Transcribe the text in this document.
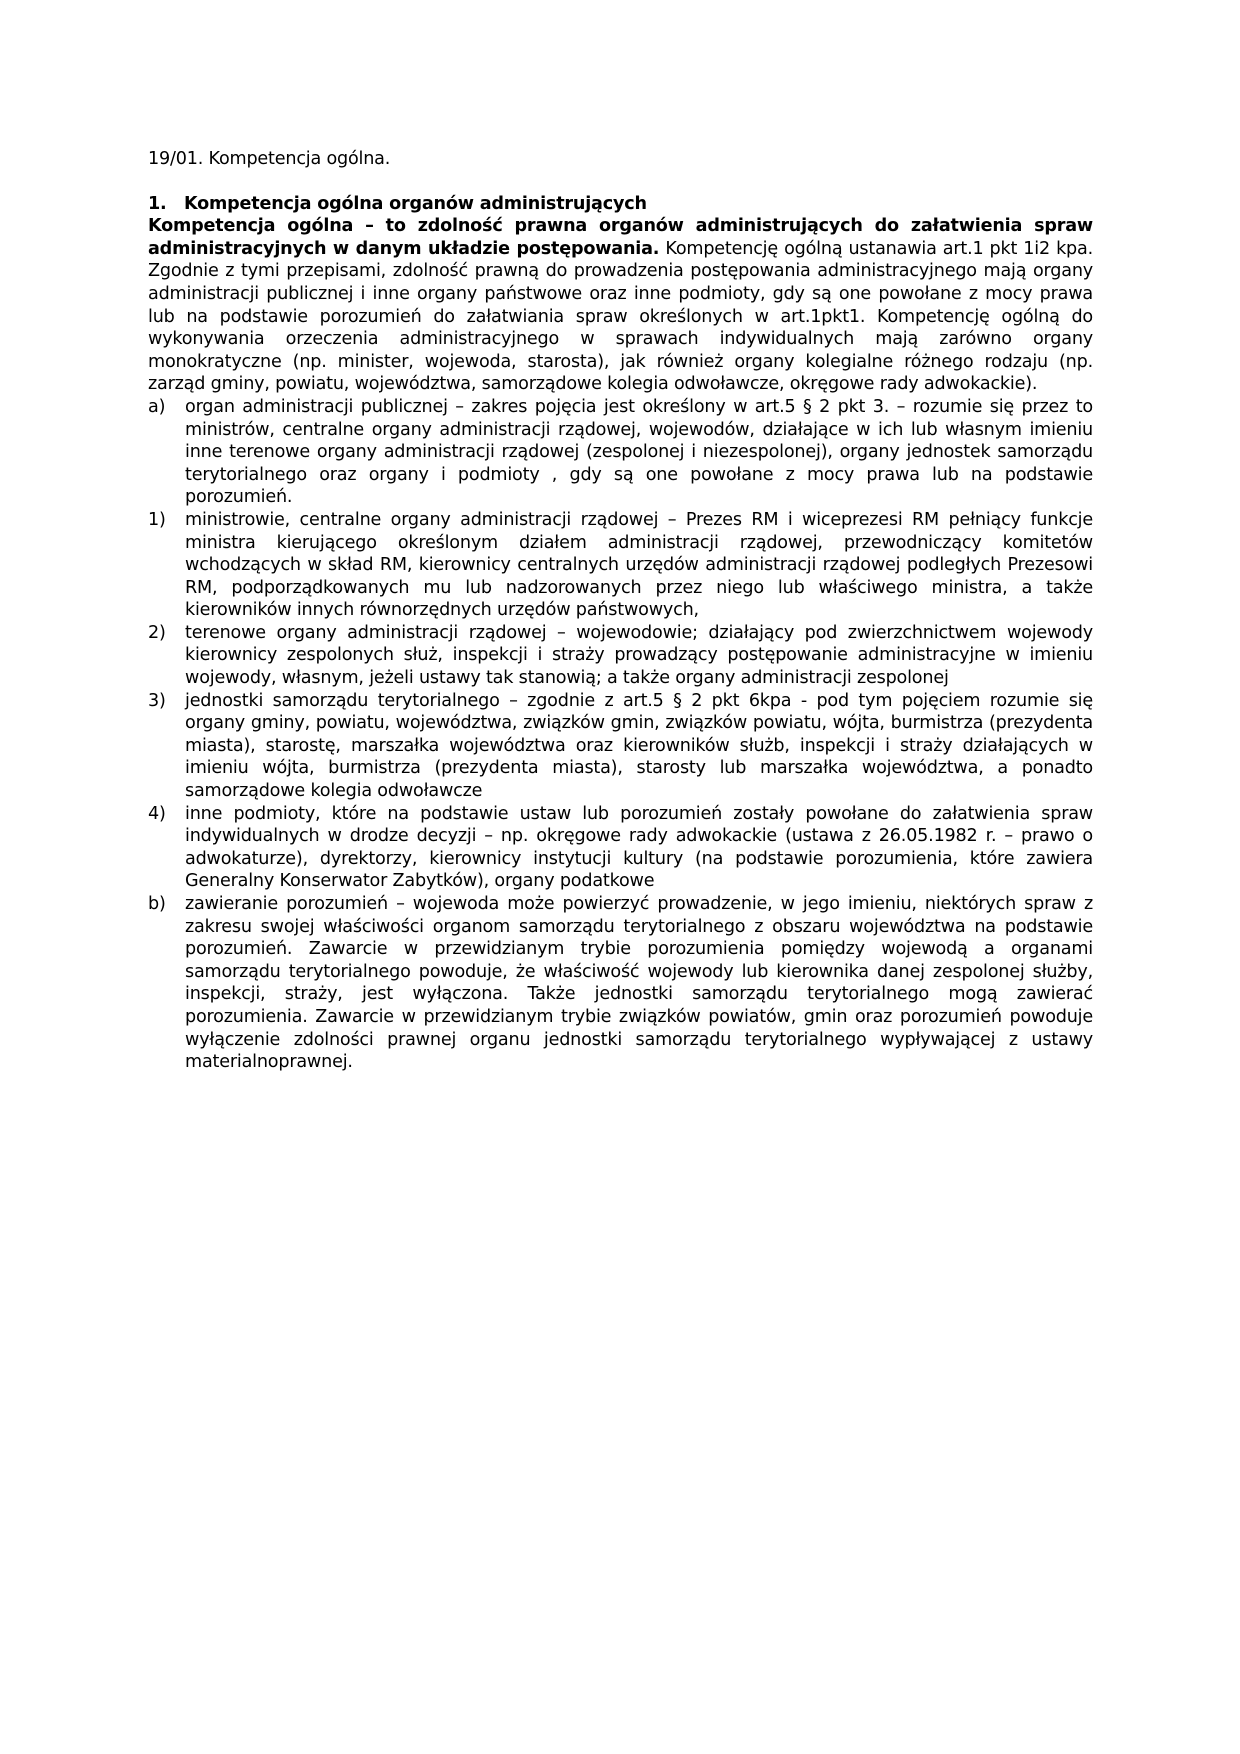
19/01. Kompetencja ogólna.

1. Kompetencja ogólna organów administrujących

Kompetencja ogólna – to zdolność prawna organów administrujących do załatwienia spraw administracyjnych w danym układzie postępowania. Kompetencję ogólną ustanawia art.1 pkt 1i2 kpa. Zgodnie z tymi przepisami, zdolność prawną do prowadzenia postępowania administracyjnego mają organy administracji publicznej i inne organy państwowe oraz inne podmioty, gdy są one powołane z mocy prawa lub na podstawie porozumień do załatwiania spraw określonych w art.1pkt1. Kompetencję ogólną do wykonywania orzeczenia administracyjnego w sprawach indywidualnych mają zarówno organy monokratyczne (np. minister, wojewoda, starosta), jak również organy kolegialne różnego rodzaju (np. zarząd gminy, powiatu, województwa, samorządowe kolegia odwoławcze, okręgowe rady adwokackie).

a)	organ administracji publicznej – zakres pojęcia jest określony w art.5 § 2 pkt 3. – rozumie się przez to ministrów, centralne organy administracji rządowej, wojewodów, działające w ich lub własnym imieniu inne terenowe organy administracji rządowej (zespolonej i niezespolonej), organy jednostek samorządu terytorialnego oraz organy i podmioty , gdy są one powołane z mocy prawa lub na podstawie porozumień.
1)	ministrowie, centralne organy administracji rządowej – Prezes RM i wiceprezesi RM pełniący funkcje ministra kierującego określonym działem administracji rządowej, przewodniczący komitetów wchodzących w skład RM, kierownicy centralnych urzędów administracji rządowej podległych Prezesowi RM, podporządkowanych mu lub nadzorowanych przez niego lub właściwego ministra, a także kierowników innych równorzędnych urzędów państwowych,
2)	terenowe organy administracji rządowej – wojewodowie; działający pod zwierzchnictwem wojewody kierownicy zespolonych służ, inspekcji i straży prowadzący postępowanie administracyjne w imieniu wojewody, własnym, jeżeli ustawy tak stanowią; a także organy administracji zespolonej
3)	jednostki samorządu terytorialnego – zgodnie z art.5 § 2 pkt 6kpa - pod tym pojęciem rozumie się organy gminy, powiatu, województwa, związków gmin, związków powiatu, wójta, burmistrza (prezydenta miasta), starostę, marszałka województwa oraz kierowników służb, inspekcji i straży działających w imieniu wójta, burmistrza (prezydenta miasta), starosty lub marszałka województwa, a ponadto samorządowe kolegia odwoławcze
4)	inne podmioty, które na podstawie ustaw lub porozumień zostały powołane do załatwienia spraw indywidualnych w drodze decyzji – np. okręgowe rady adwokackie (ustawa z 26.05.1982 r. – prawo o adwokaturze), dyrektorzy, kierownicy instytucji kultury (na podstawie porozumienia, które zawiera Generalny Konserwator Zabytków), organy podatkowe
b)	zawieranie porozumień – wojewoda może powierzyć prowadzenie, w jego imieniu, niektórych spraw z zakresu swojej właściwości organom samorządu terytorialnego z obszaru województwa na podstawie porozumień. Zawarcie w przewidzianym trybie porozumienia pomiędzy wojewodą a organami samorządu terytorialnego powoduje, że właściwość wojewody lub kierownika danej zespolonej służby, inspekcji, straży, jest wyłączona. Także jednostki samorządu terytorialnego mogą zawierać porozumienia. Zawarcie w przewidzianym trybie związków powiatów, gmin oraz porozumień powoduje wyłączenie zdolności prawnej organu jednostki samorządu terytorialnego wypływającej z ustawy materialnoprawnej.
